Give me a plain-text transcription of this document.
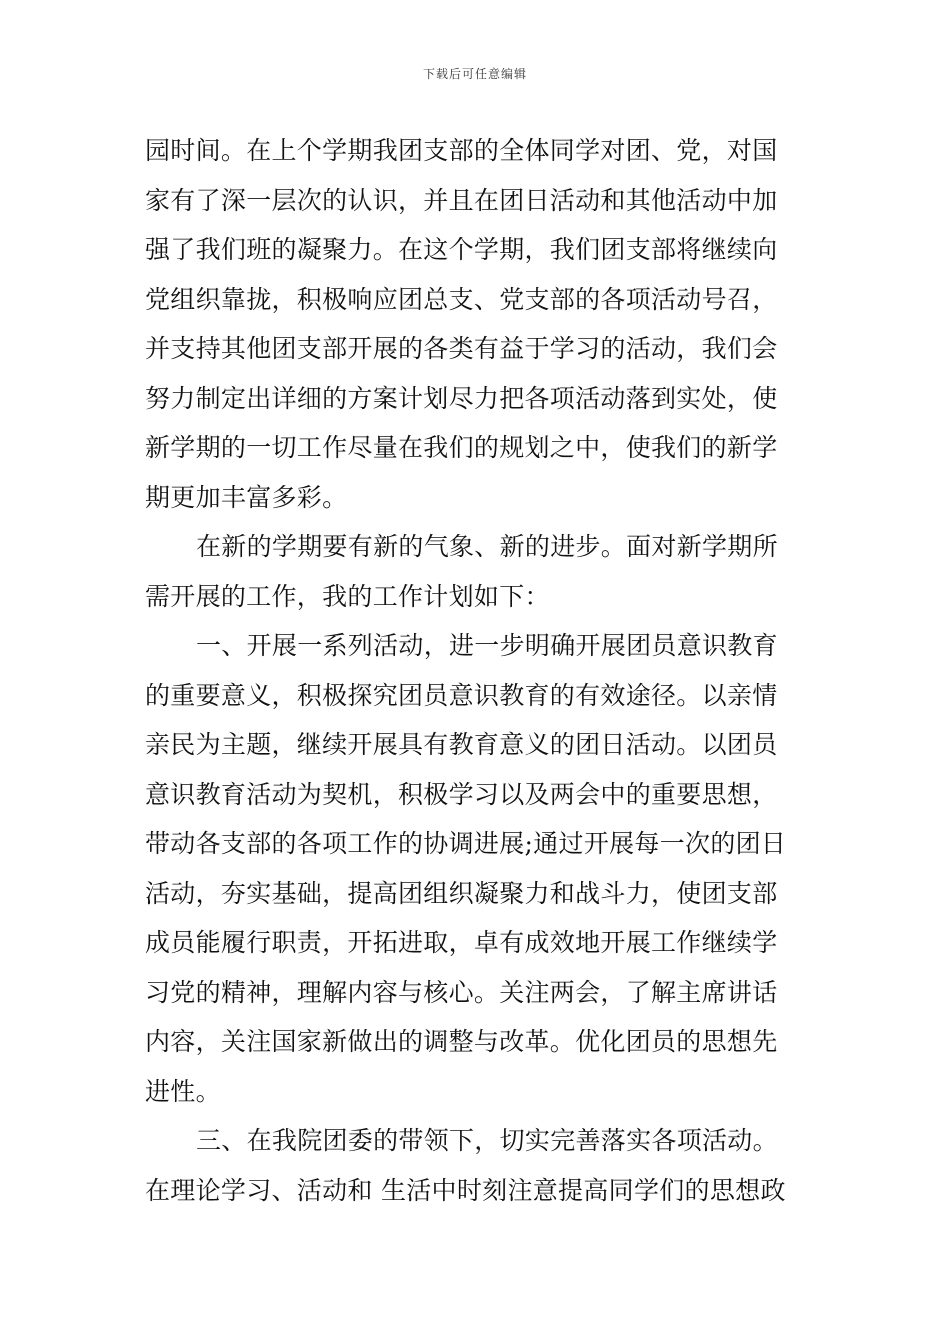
下载后可任意编辑
园时间。在上个学期我团支部的全体同学对团、党，对国
家有了深一层次的认识，并且在团日活动和其他活动中加
强了我们班的凝聚力。在这个学期，我们团支部将继续向
党组织靠拢，积极响应团总支、党支部的各项活动号召，
并支持其他团支部开展的各类有益于学习的活动，我们会
努力制定出详细的方案计划尽力把各项活动落到实处，使
新学期的一切工作尽量在我们的规划之中，使我们的新学
期更加丰富多彩。
在新的学期要有新的气象、新的进步。面对新学期所
需开展的工作，我的工作计划如下：
一、开展一系列活动，进一步明确开展团员意识教育
的重要意义，积极探究团员意识教育的有效途径。以亲情
亲民为主题，继续开展具有教育意义的团日活动。以团员
意识教育活动为契机，积极学习以及两会中的重要思想，
带动各支部的各项工作的协调进展;通过开展每一次的团日
活动，夯实基础，提高团组织凝聚力和战斗力，使团支部
成员能履行职责，开拓进取，卓有成效地开展工作继续学
习党的精神，理解内容与核心。关注两会，了解主席讲话
内容，关注国家新做出的调整与改革。优化团员的思想先
进性。
三、在我院团委的带领下，切实完善落实各项活动。
在理论学习、活动和 生活中时刻注意提高同学们的思想政
